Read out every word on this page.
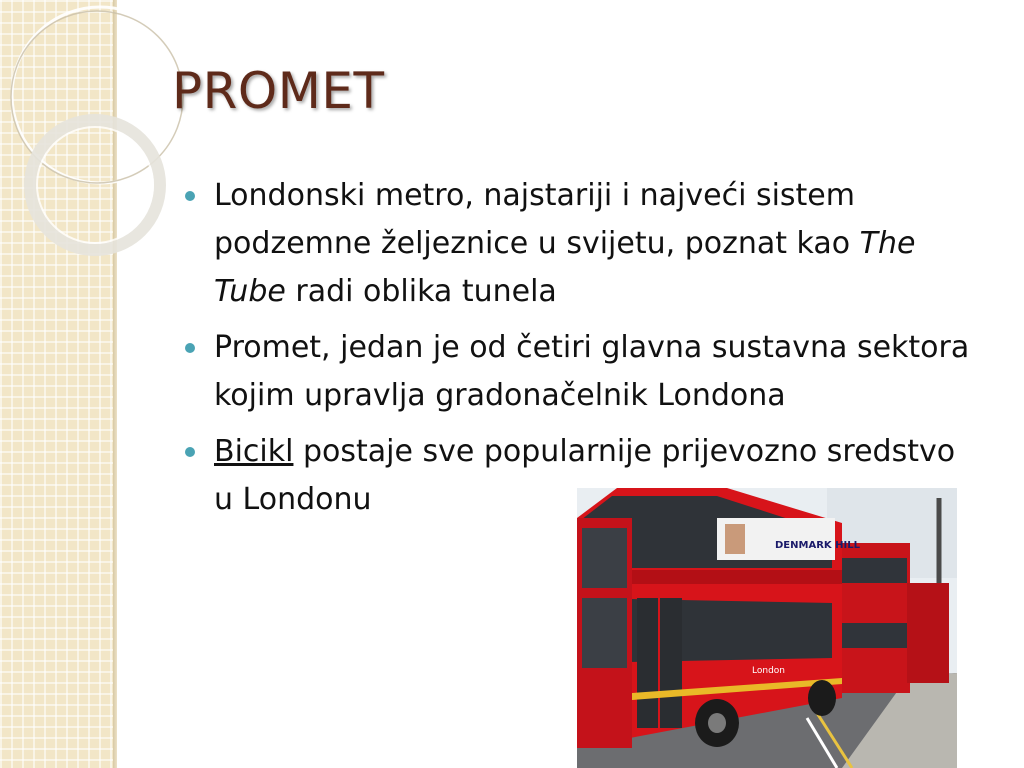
PROMET
Londonski metro, najstariji i najveći sistem podzemne željeznice u svijetu, poznat kao The Tube radi oblika tunela
Promet, jedan je od četiri glavna sustavna sektora kojim upravlja gradonačelnik Londona
Bicikl postaje sve popularnije prijevozno sredstvo u Londonu
DENMARK HILL
London
